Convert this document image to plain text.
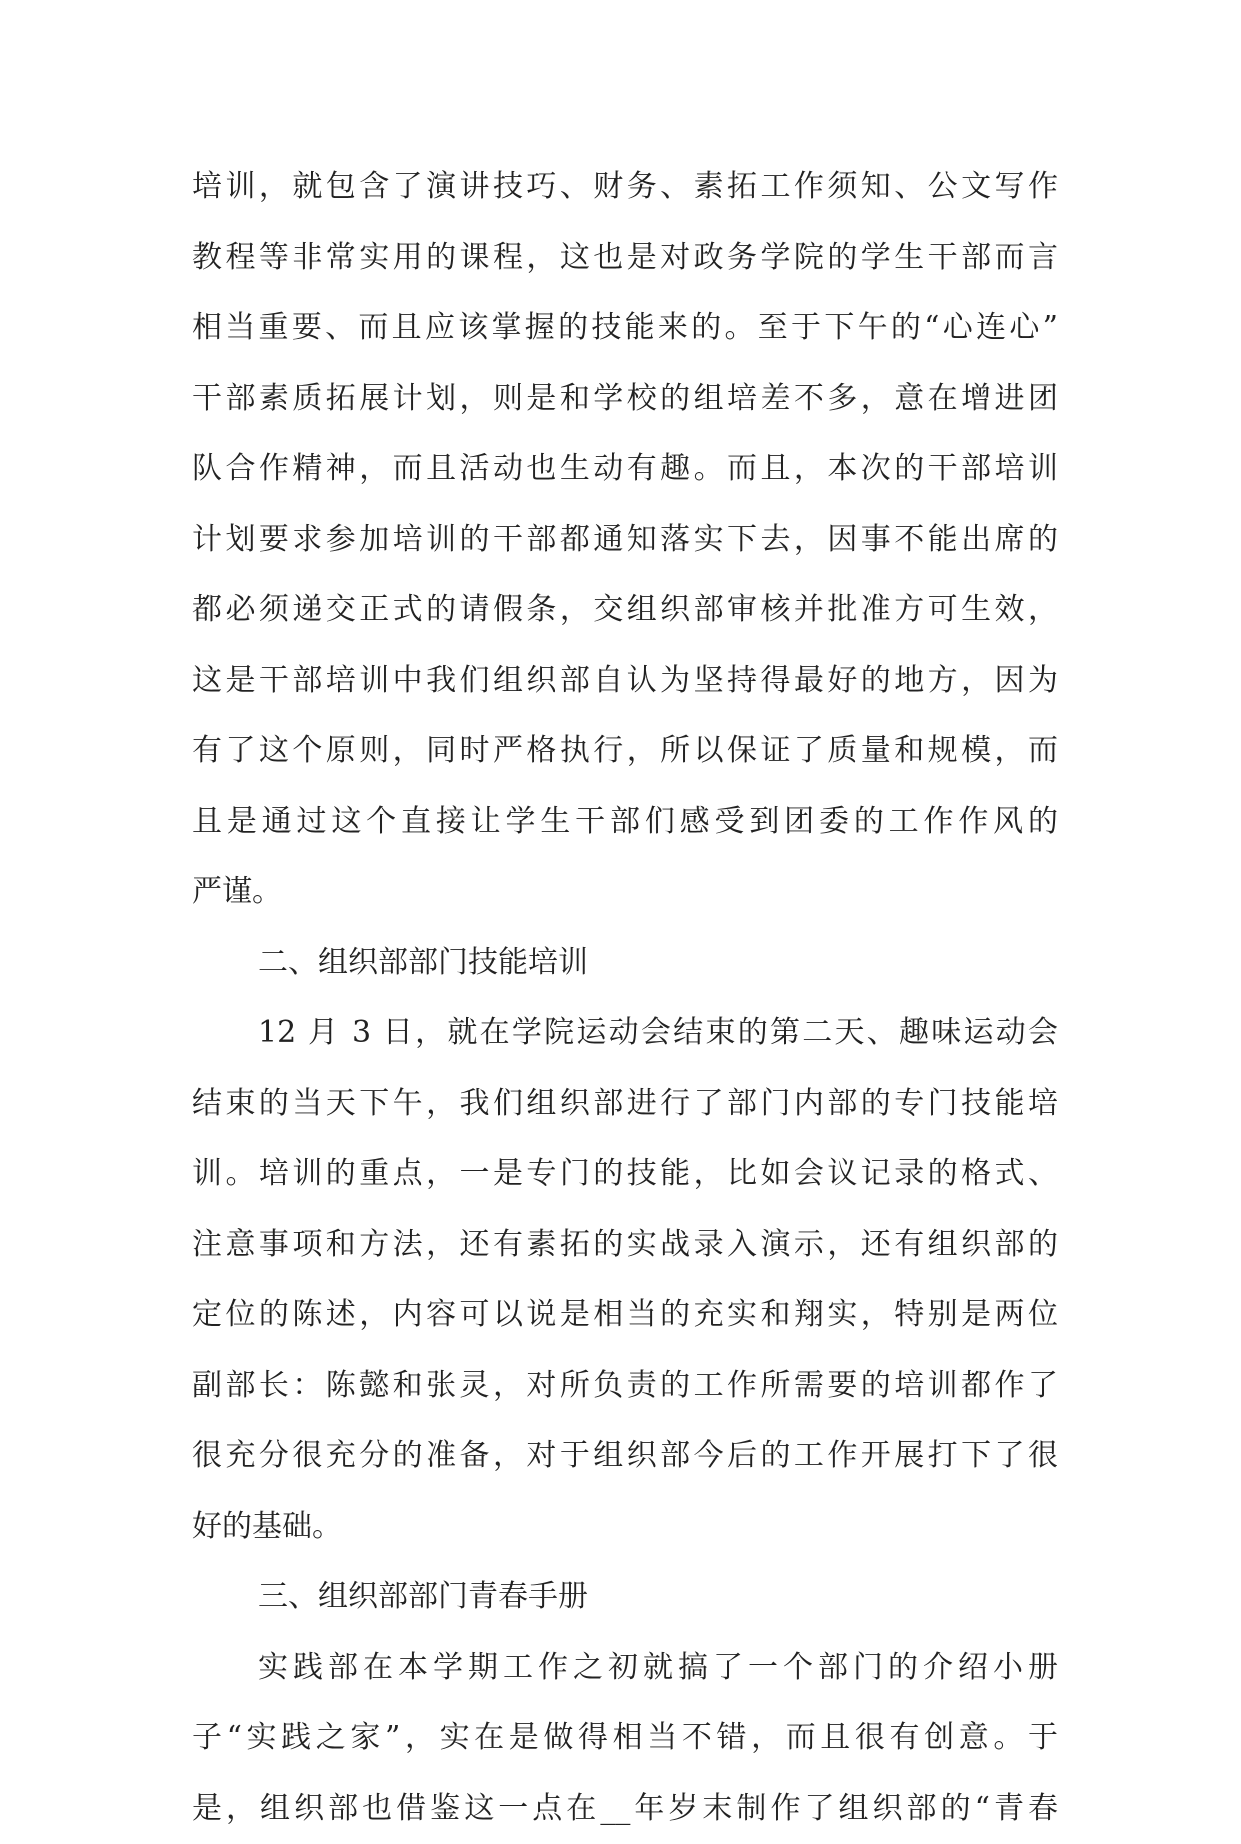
培训，就包含了演讲技巧、财务、素拓工作须知、公文写作
教程等非常实用的课程，这也是对政务学院的学生干部而言
相当重要、而且应该掌握的技能来的。至于下午的“心连心”
干部素质拓展计划，则是和学校的组培差不多，意在增进团
队合作精神，而且活动也生动有趣。而且，本次的干部培训
计划要求参加培训的干部都通知落实下去，因事不能出席的
都必须递交正式的请假条，交组织部审核并批准方可生效，
这是干部培训中我们组织部自认为坚持得最好的地方，因为
有了这个原则，同时严格执行，所以保证了质量和规模，而
且是通过这个直接让学生干部们感受到团委的工作作风的
严谨。
二、组织部部门技能培训
12 月 3 日，就在学院运动会结束的第二天、趣味运动会
结束的当天下午，我们组织部进行了部门内部的专门技能培
训。培训的重点，一是专门的技能，比如会议记录的格式、
注意事项和方法，还有素拓的实战录入演示，还有组织部的
定位的陈述，内容可以说是相当的充实和翔实，特别是两位
副部长：陈懿和张灵，对所负责的工作所需要的培训都作了
很充分很充分的准备，对于组织部今后的工作开展打下了很
好的基础。
三、组织部部门青春手册
实践部在本学期工作之初就搞了一个部门的介绍小册
子“实践之家”，实在是做得相当不错，而且很有创意。于
是，组织部也借鉴这一点在__年岁末制作了组织部的“青春
